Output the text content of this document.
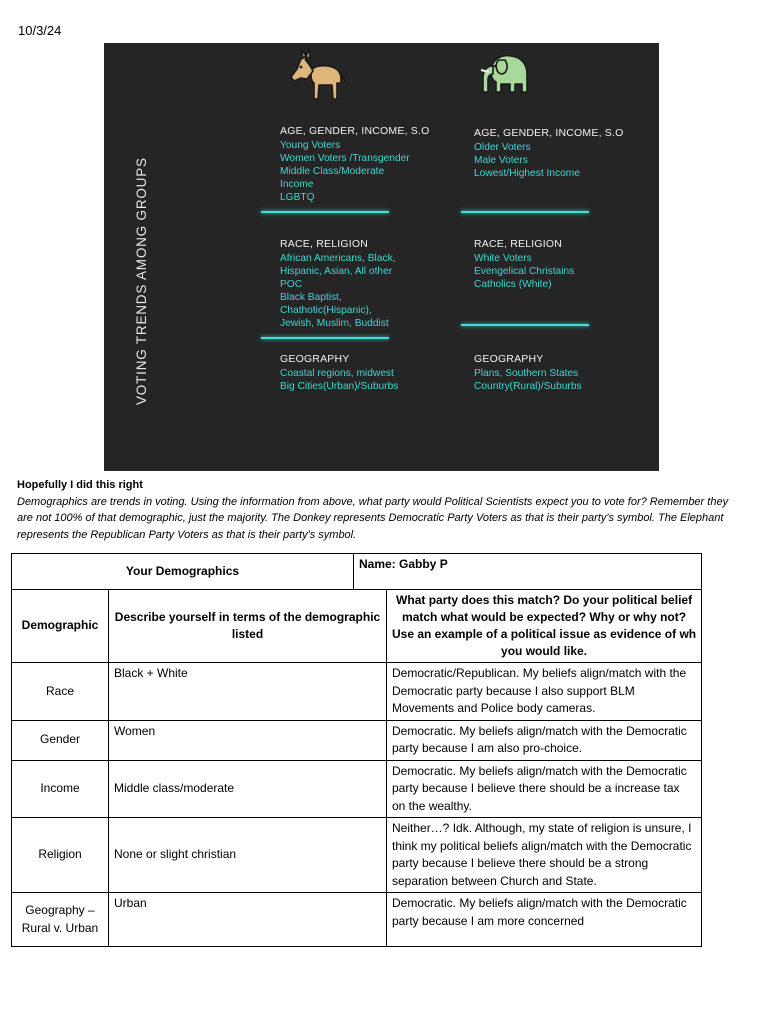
10/3/24
VOTING TRENDS AMONG GROUPS
AGE, GENDER, INCOME, S.O
Young Voters
Women Voters /Transgender
Middle Class/Moderate
Income
LGBTQ
RACE, RELIGION
African Americans, Black,
Hispanic, Asian, All other
POC
Black Baptist,
Chathotic(Hispanic),
Jewish, Muslim, Buddist
GEOGRAPHY
Coastal regions, midwest
Big Cities(Urban)/Suburbs
AGE, GENDER, INCOME, S.O
Older Voters
Male Voters
Lowest/Highest Income
RACE, RELIGION
White Voters
Evengelical Christains
Catholics (White)
GEOGRAPHY
Plans, Southern States
Country(Rural)/Suburbs
Hopefully I did this right
Demographics are trends in voting. Using the information from above, what party would Political Scientists expect you to vote for? Remember they are not 100% of that demographic, just the majority. The Donkey represents Democratic Party Voters as that is their party's symbol. The Elephant represents the Republican Party Voters as that is their party's symbol.
Your Demographics		Name: Gabby P	
Demographic	Describe yourself in terms of the demographic listed		What party does this match? Do your political belief
match what would be expected? Why or why not?
Use an example of a political issue as evidence of wh
you would like.

Race	Black + White		Democratic/Republican. My beliefs align/match with the Democratic party because I also support BLM Movements and Police body cameras.
Gender	Women		Democratic. My beliefs align/match with the Democratic party because I am also pro-choice.
Income	Middle class/moderate		Democratic. My beliefs align/match with the Democratic party because I believe there should be a increase tax on the wealthy.
Religion	None or slight christian		Neither…? Idk. Although, my state of religion is unsure, I think my political beliefs align/match with the Democratic party because I believe there should be a strong separation between Church and State.
Geography –Rural v. Urban	Urban		Democratic. My beliefs align/match with the Democratic party because I am more concerned
